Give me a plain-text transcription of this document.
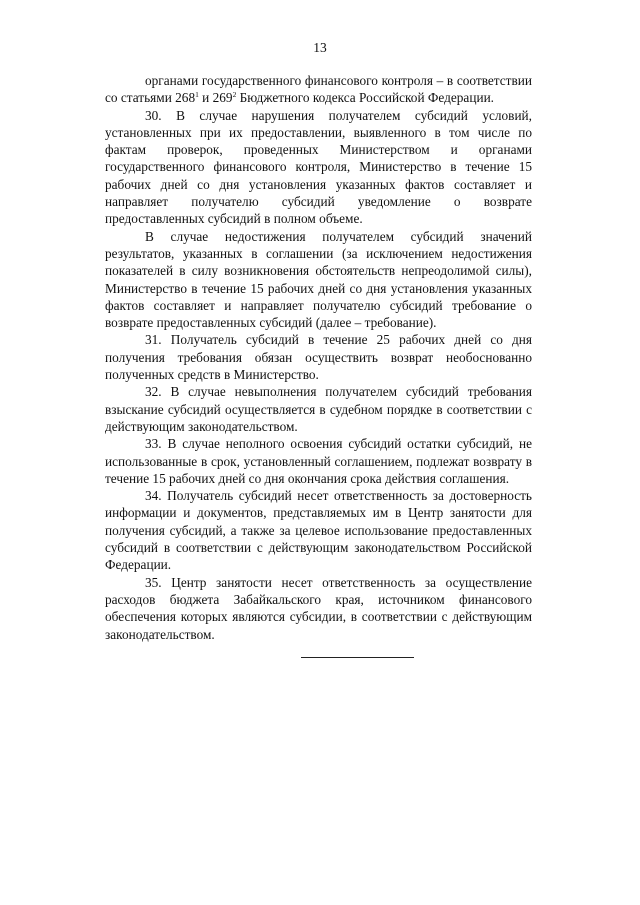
13

органами государственного финансового контроля – в соответствии со статьями $268^1$ и $269^2$ Бюджетного кодекса Российской Федерации.

30. В случае нарушения получателем субсидий условий, установленных при их предоставлении, выявленного в том числе по фактам проверок, проведенных Министерством и органами государственного финансового контроля, Министерство в течение 15 рабочих дней со дня установления указанных фактов составляет и направляет получателю субсидий уведомление о возврате предоставленных субсидий в полном объеме.

В случае недостижения получателем субсидий значений результатов, указанных в соглашении (за исключением недостижения показателей в силу возникновения обстоятельств непреодолимой силы), Министерство в течение 15 рабочих дней со дня установления указанных фактов составляет и направляет получателю субсидий требование о возврате предоставленных субсидий (далее – требование).

31. Получатель субсидий в течение 25 рабочих дней со дня получения требования обязан осуществить возврат необоснованно полученных средств в Министерство.

32. В случае невыполнения получателем субсидий требования взыскание субсидий осуществляется в судебном порядке в соответствии с действующим законодательством.

33. В случае неполного освоения субсидий остатки субсидий, не использованные в срок, установленный соглашением, подлежат возврату в течение 15 рабочих дней со дня окончания срока действия соглашения.

34. Получатель субсидий несет ответственность за достоверность информации и документов, представляемых им в Центр занятости для получения субсидий, а также за целевое использование предоставленных субсидий в соответствии с действующим законодательством Российской Федерации.

35. Центр занятости несет ответственность за осуществление расходов бюджета Забайкальского края, источником финансового обеспечения которых являются субсидии, в соответствии с действующим законодательством.
